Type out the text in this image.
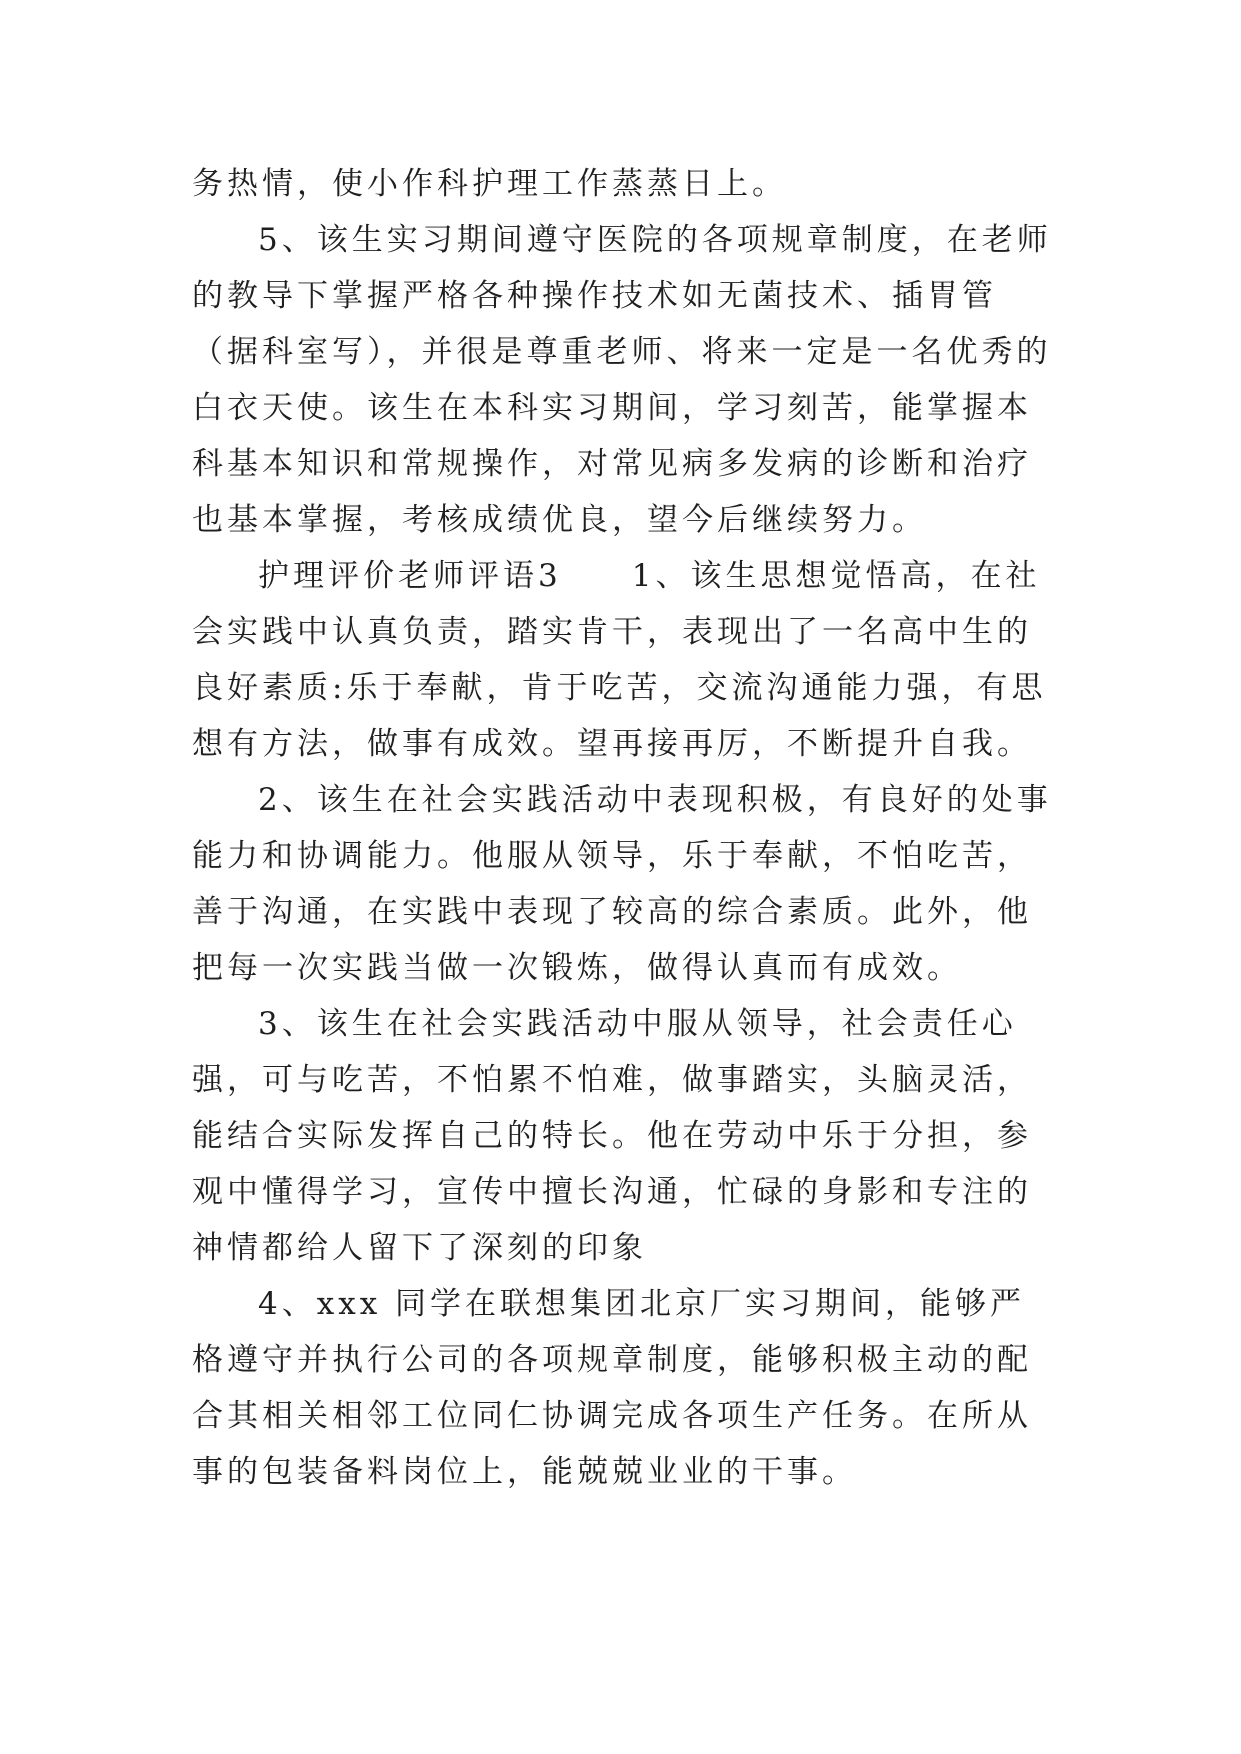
务热情，使小作科护理工作蒸蒸日上。

5、该生实习期间遵守医院的各项规章制度，在老师的教导下掌握严格各种操作技术如无菌技术、插胃管（据科室写），并很是尊重老师、将来一定是一名优秀的白衣天使。该生在本科实习期间，学习刻苦，能掌握本科基本知识和常规操作，对常见病多发病的诊断和治疗也基本掌握，考核成绩优良，望今后继续努力。

护理评价老师评语3　　1、该生思想觉悟高，在社会实践中认真负责，踏实肯干，表现出了一名高中生的良好素质:乐于奉献，肯于吃苦，交流沟通能力强，有思想有方法，做事有成效。望再接再厉，不断提升自我。

2、该生在社会实践活动中表现积极，有良好的处事能力和协调能力。他服从领导，乐于奉献，不怕吃苦，善于沟通，在实践中表现了较高的综合素质。此外，他把每一次实践当做一次锻炼，做得认真而有成效。

3、该生在社会实践活动中服从领导，社会责任心强，可与吃苦，不怕累不怕难，做事踏实，头脑灵活，能结合实际发挥自己的特长。他在劳动中乐于分担，参观中懂得学习，宣传中擅长沟通，忙碌的身影和专注的神情都给人留下了深刻的印象

4、xxx 同学在联想集团北京厂实习期间，能够严格遵守并执行公司的各项规章制度，能够积极主动的配合其相关相邻工位同仁协调完成各项生产任务。在所从事的包装备料岗位上，能兢兢业业的干事。
